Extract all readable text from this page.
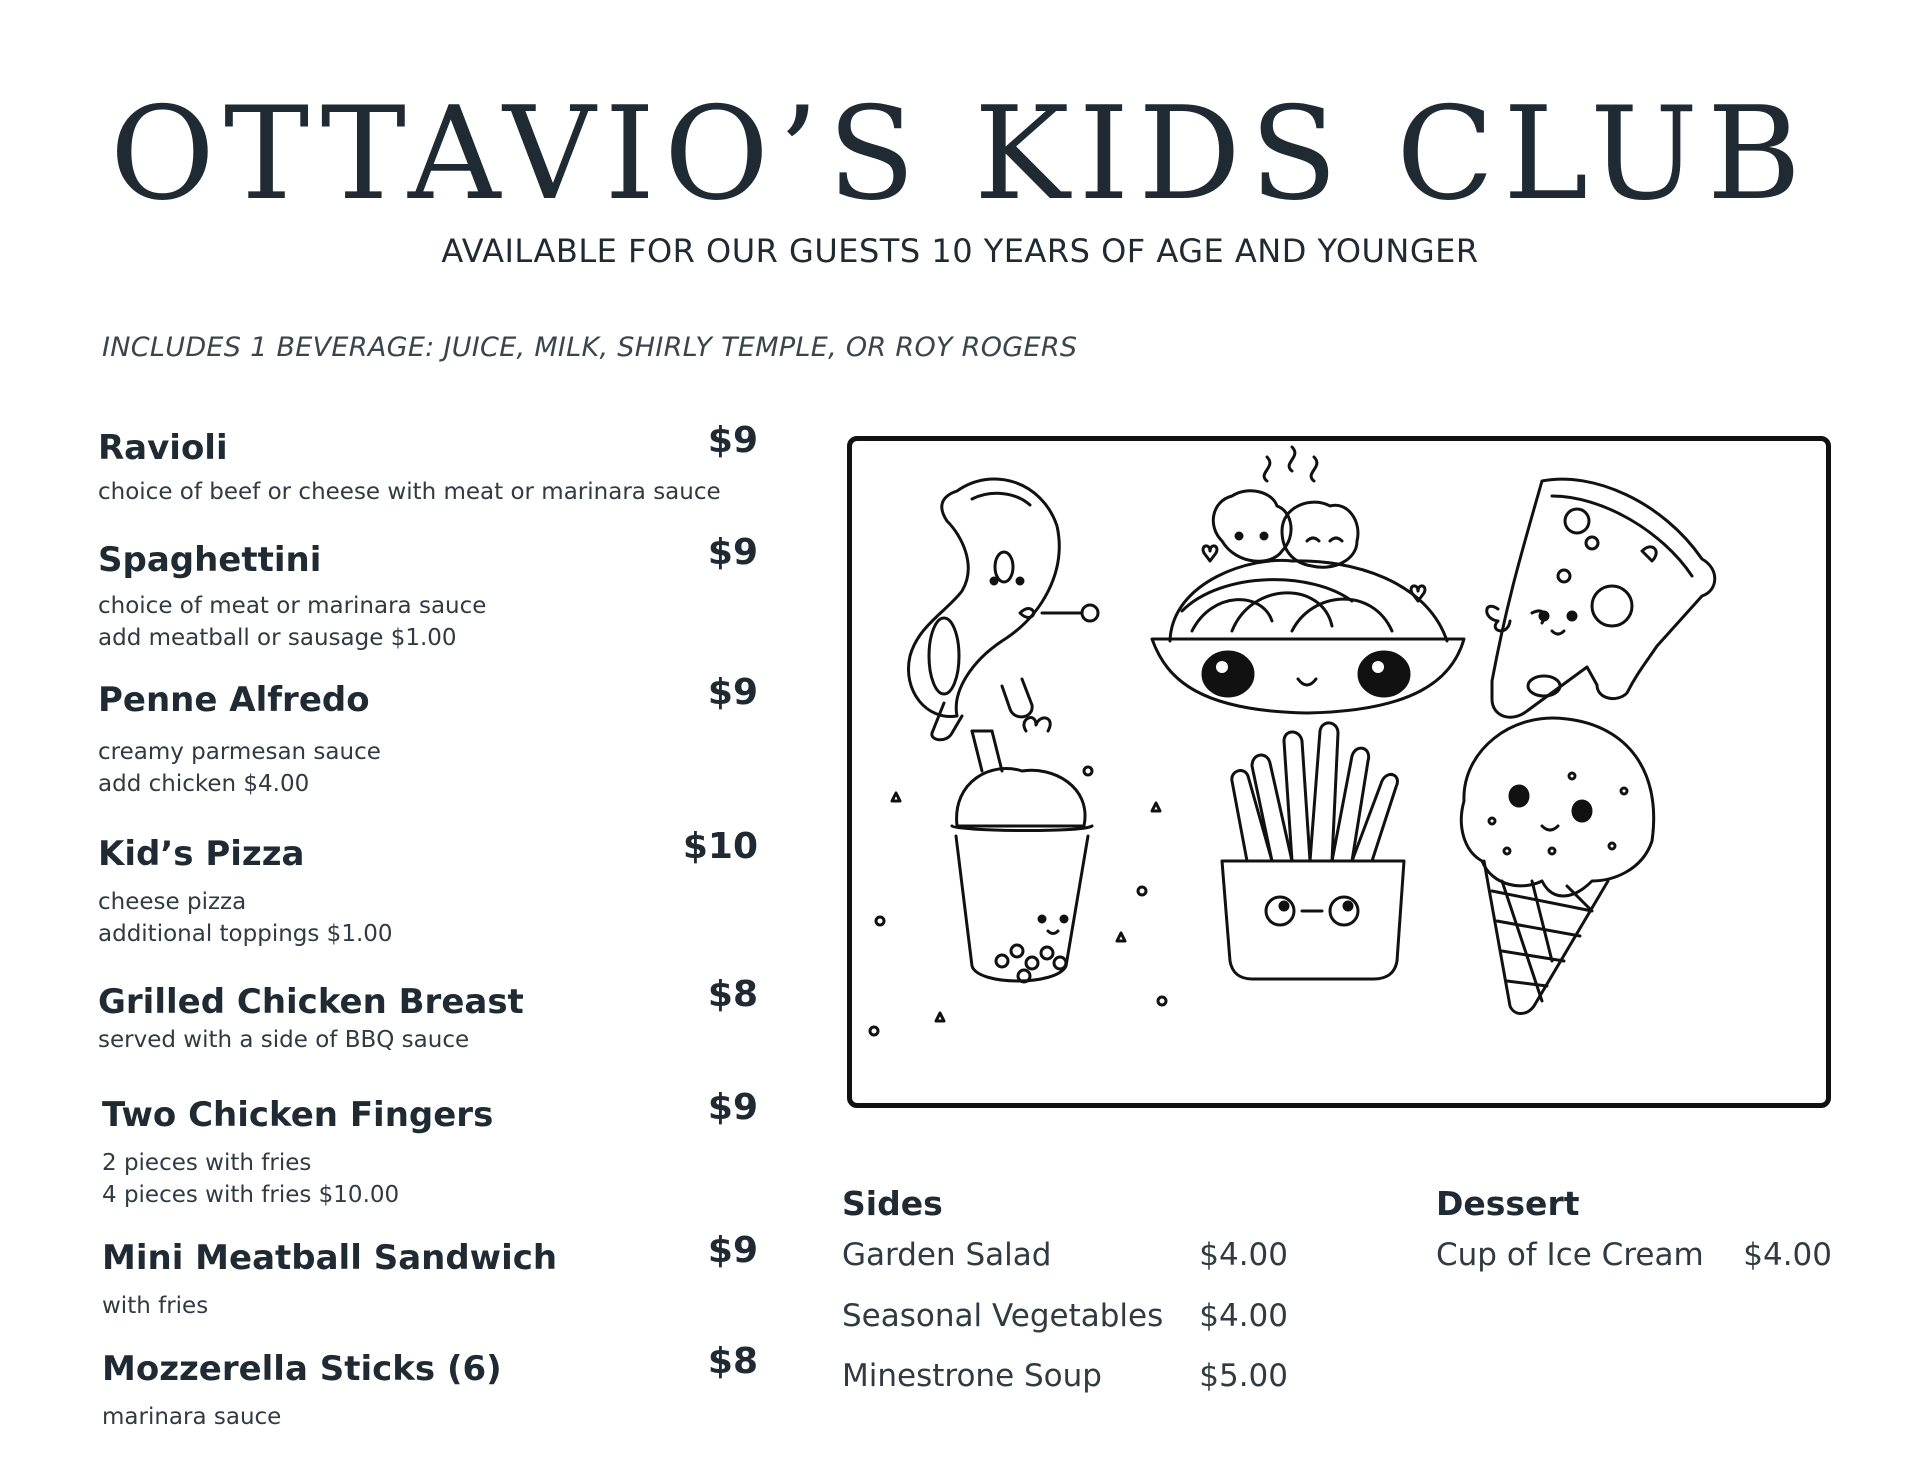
OTTAVIO’S KIDS CLUB
AVAILABLE FOR OUR GUESTS 10 YEARS OF AGE AND YOUNGER
INCLUDES 1 BEVERAGE: JUICE, MILK, SHIRLY TEMPLE, OR ROY ROGERS
Ravioli	$9
choice of beef or cheese with meat or marinara sauce
Spaghettini	$9
choice of meat or marinara sauce
add meatball or sausage $1.00
Penne Alfredo	$9
creamy parmesan sauce
add chicken $4.00
Kid’s Pizza	$10
cheese pizza
additional toppings $1.00
Grilled Chicken Breast	$8
served with a side of BBQ sauce
Two Chicken Fingers	$9
2 pieces with fries
4 pieces with fries $10.00
Mini Meatball Sandwich	$9
with fries
Mozzerella Sticks (6)	$8
marinara sauce
Sides
Garden Salad	$4.00
Seasonal Vegetables $4.00
Minestrone Soup	$5.00
Dessert
Cup of Ice Cream $4.00
